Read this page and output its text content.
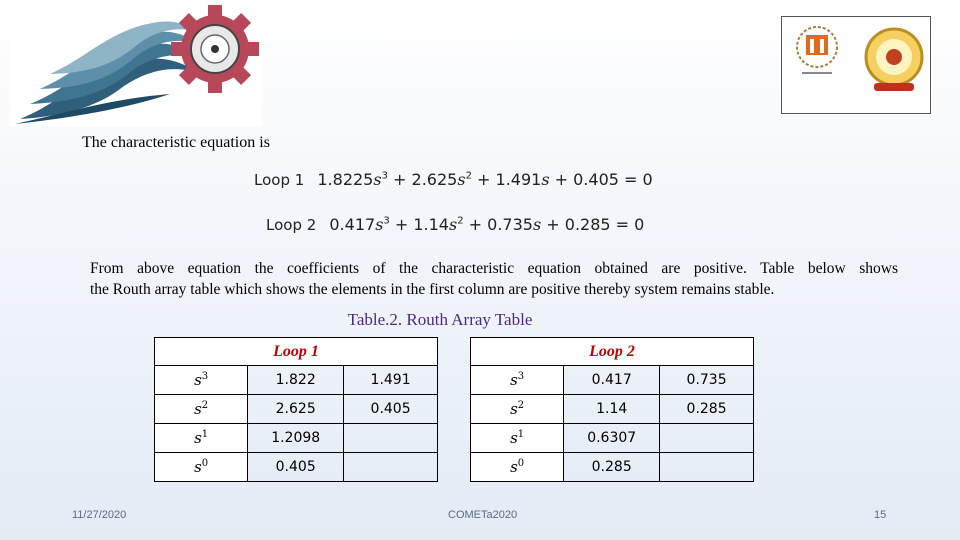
The characteristic equation is
Loop 1 $1.8225s^3 + 2.625s^2 + 1.491s + 0.405 = 0$
Loop 2 $0.417s^3 + 1.14s^2 + 0.735s + 0.285 = 0$
From above equation the coefficients of the characteristic equation obtained are positive. Table below shows
the Routh array table which shows the elements in the first column are positive thereby system remains stable.
Table.2. Routh Array Table
Loop 1		
$s^3$	1.822	1.491
$s^2$	2.625	0.405
$s^1$	1.2098	
$s^0$	0.405	
Loop 2		
$s^3$	0.417	0.735
$s^2$	1.14	0.285
$s^1$	0.6307	
$s^0$	0.285	
11/27/2020	COMETa2020	15
